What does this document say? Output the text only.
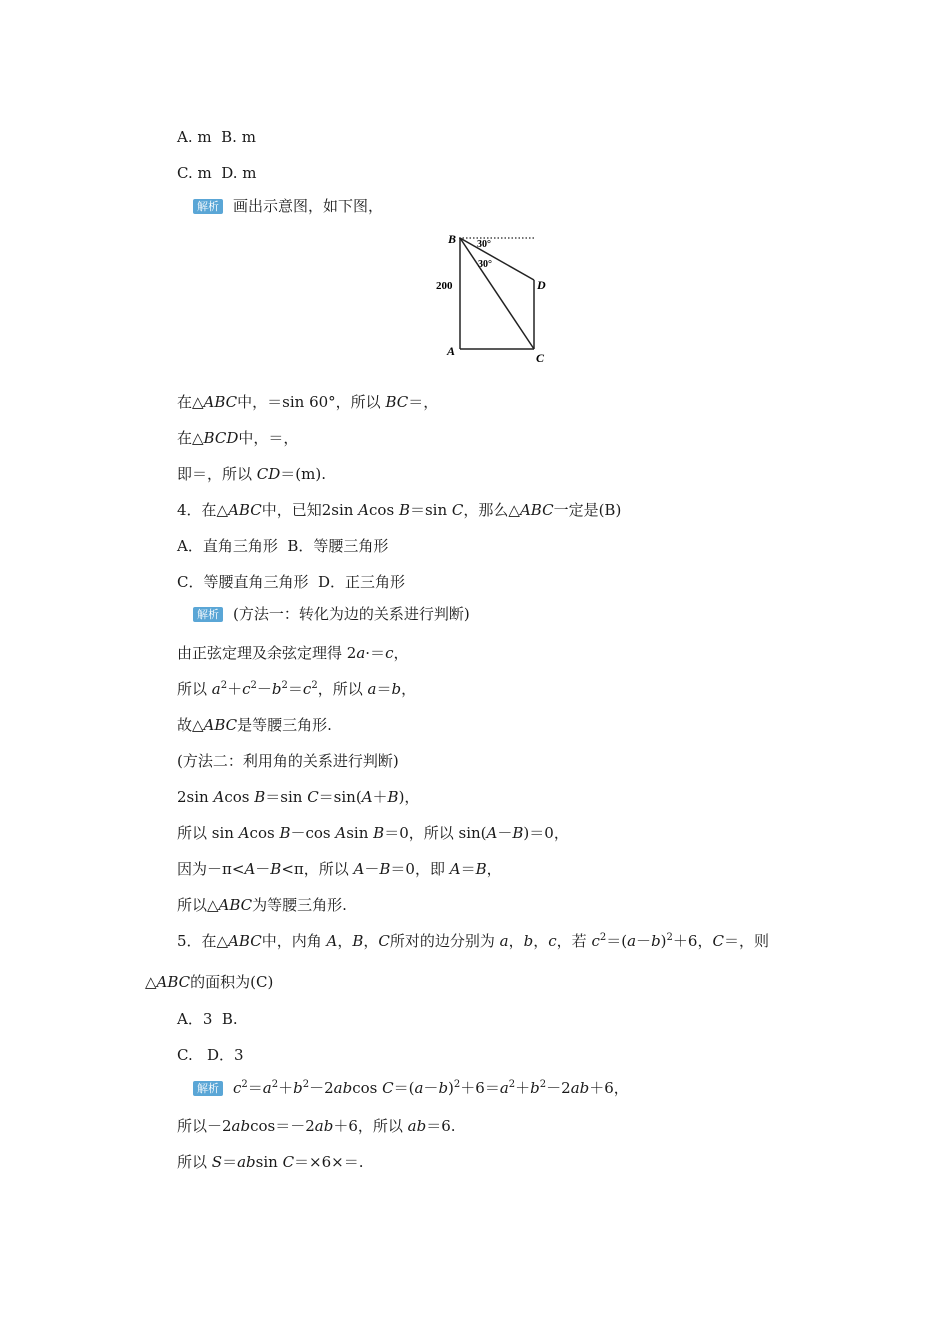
A. m  B. m
C. m  D. m
解析 画出示意图，如下图，
B
A	C
D
200
30°
30°
在△ABC中，＝sin 60°，所以 BC＝，
在△BCD中，＝，
即＝，所以 CD＝(m).
4．在△ABC中，已知2sin Acos B＝sin C，那么△ABC一定是(B)
A．直角三角形  B．等腰三角形
C．等腰直角三角形  D．正三角形
解析 (方法一：转化为边的关系进行判断)
由正弦定理及余弦定理得 2a·＝c，
所以 $a^2+c^2-b^2=c^2$，所以 a＝b，
故△ABC是等腰三角形.
(方法二：利用角的关系进行判断)
2sin Acos B＝sin C＝sin(A＋B)，
所以 sin Acos B－cos Asin B＝0，所以 sin(A－B)＝0，
因为－π<A－B<π，所以 A－B＝0，即 A＝B，
所以△ABC为等腰三角形.
5．在△ABC中，内角 A，B，C所对的边分别为 a，b，c，若 $c^2=(a-b)^2+6$，C＝，则
△ABC的面积为(C)
A．3  B.
C.   D．3
解析 $c^2=a^2+b^2-2abcos$ $C=(a-b)^2+6=a^2+b^2-2ab+6$，
所以－2abcos＝－2ab＋6，所以 ab＝6.
所以 S＝absin C＝×6×＝.
